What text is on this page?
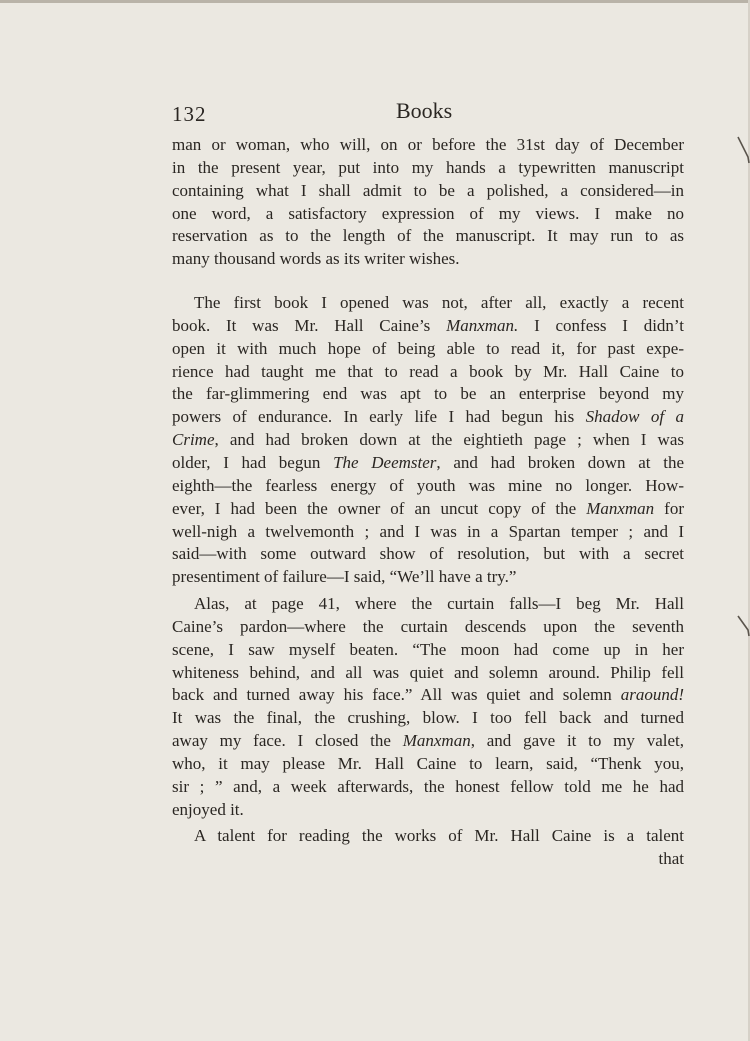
132	Books
man or woman, who will, on or before the 31st day of December
in the present year, put into my hands a typewritten manuscript
containing what I shall admit to be a polished, a considered—in
one word, a satisfactory expression of my views. I make no
reservation as to the length of the manuscript. It may run to as
many thousand words as its writer wishes.
The first book I opened was not, after all, exactly a recent
book. It was Mr. Hall Caine’s Manxman. I confess I didn’t
open it with much hope of being able to read it, for past expe-
rience had taught me that to read a book by Mr. Hall Caine to
the far-glimmering end was apt to be an enterprise beyond my
powers of endurance. In early life I had begun his Shadow of a
Crime, and had broken down at the eightieth page ; when I was
older, I had begun The Deemster, and had broken down at the
eighth—the fearless energy of youth was mine no longer. How-
ever, I had been the owner of an uncut copy of the Manxman for
well-nigh a twelvemonth ; and I was in a Spartan temper ; and I
said—with some outward show of resolution, but with a secret
presentiment of failure—I said, “We’ll have a try.”
Alas, at page 41, where the curtain falls—I beg Mr. Hall
Caine’s pardon—where the curtain descends upon the seventh
scene, I saw myself beaten. “The moon had come up in her
whiteness behind, and all was quiet and solemn around. Philip fell
back and turned away his face.” All was quiet and solemn araound!
It was the final, the crushing, blow. I too fell back and turned
away my face. I closed the Manxman, and gave it to my valet,
who, it may please Mr. Hall Caine to learn, said, “Thenk you,
sir ; ” and, a week afterwards, the honest fellow told me he had
enjoyed it.
A talent for reading the works of Mr. Hall Caine is a talent
that
